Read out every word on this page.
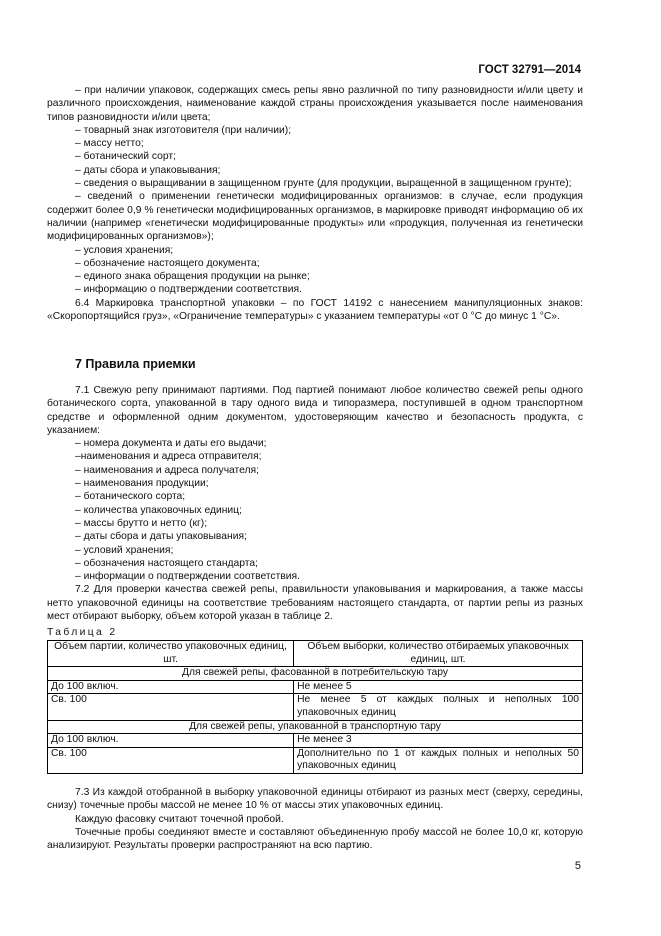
ГОСТ 32791—2014

– при наличии упаковок, содержащих смесь репы явно различной по типу разновидности и/или цвету и различного происхождения, наименование каждой страны происхождения указывается после наименования типов разновидности и/или цвета;

– товарный знак изготовителя (при наличии);

– массу нетто;

– ботанический сорт;

– даты сбора и упаковывания;

– сведения о выращивании в защищенном грунте (для продукции, выращенной в защищенном грунте);

– сведений о применении генетически модифицированных организмов: в случае, если продукция содержит более 0,9 % генетически модифицированных организмов, в маркировке приводят информацию об их наличии (например «генетически модифицированные продукты» или «продукция, полученная из генетически модифицированных организмов»);

– условия хранения;

– обозначение настоящего документа;

– единого знака обращения продукции на рынке;

– информацию о подтверждении соответствия.

6.4 Маркировка транспортной упаковки – по ГОСТ 14192 с нанесением манипуляционных знаков: «Скоропортящийся груз», «Ограничение температуры» с указанием температуры «от 0 °С до минус 1 °С».

7 Правила приемки

7.1 Свежую репу принимают партиями. Под партией понимают любое количество свежей репы одного ботанического сорта, упакованной в тару одного вида и типоразмера, поступившей в одном транспортном средстве и оформленной одним документом, удостоверяющим качество и безопасность продукта, с указанием:

– номера документа и даты его выдачи;

–наименования и адреса отправителя;

– наименования и адреса получателя;

– наименования продукции;

– ботанического сорта;

– количества упаковочных единиц;

– массы брутто и нетто (кг);

– даты сбора и даты упаковывания;

– условий хранения;

– обозначения настоящего стандарта;

– информации о подтверждении соответствия.

7.2 Для проверки качества свежей репы, правильности упаковывания и маркирования, а также массы нетто упаковочной единицы на соответствие требованиям настоящего стандарта, от партии репы из разных мест отбирают выборку, объем которой указан в таблице 2.

Таблица 2
Объем партии, количество упаковочных единиц, шт.	Объем выборки, количество отбираемых упаковочных единиц, шт.
Для свежей репы, фасованной в потребительскую тару	
До 100 включ.	Не менее 5
Св. 100	Не менее 5 от каждых полных и неполных 100 упаковочных единиц
Для свежей репы, упакованной в транспортную тару	
До 100 включ.	Не менее 3
Св. 100	Дополнительно по 1 от каждых полных и неполных 50 упаковочных единиц

7.3 Из каждой отобранной в выборку упаковочной единицы отбирают из разных мест (сверху, середины, снизу) точечные пробы массой не менее 10 % от массы этих упаковочных единиц.

Каждую фасовку считают точечной пробой.

Точечные пробы соединяют вместе и составляют объединенную пробу массой не более 10,0 кг, которую анализируют. Результаты проверки распространяют на всю партию.

5
